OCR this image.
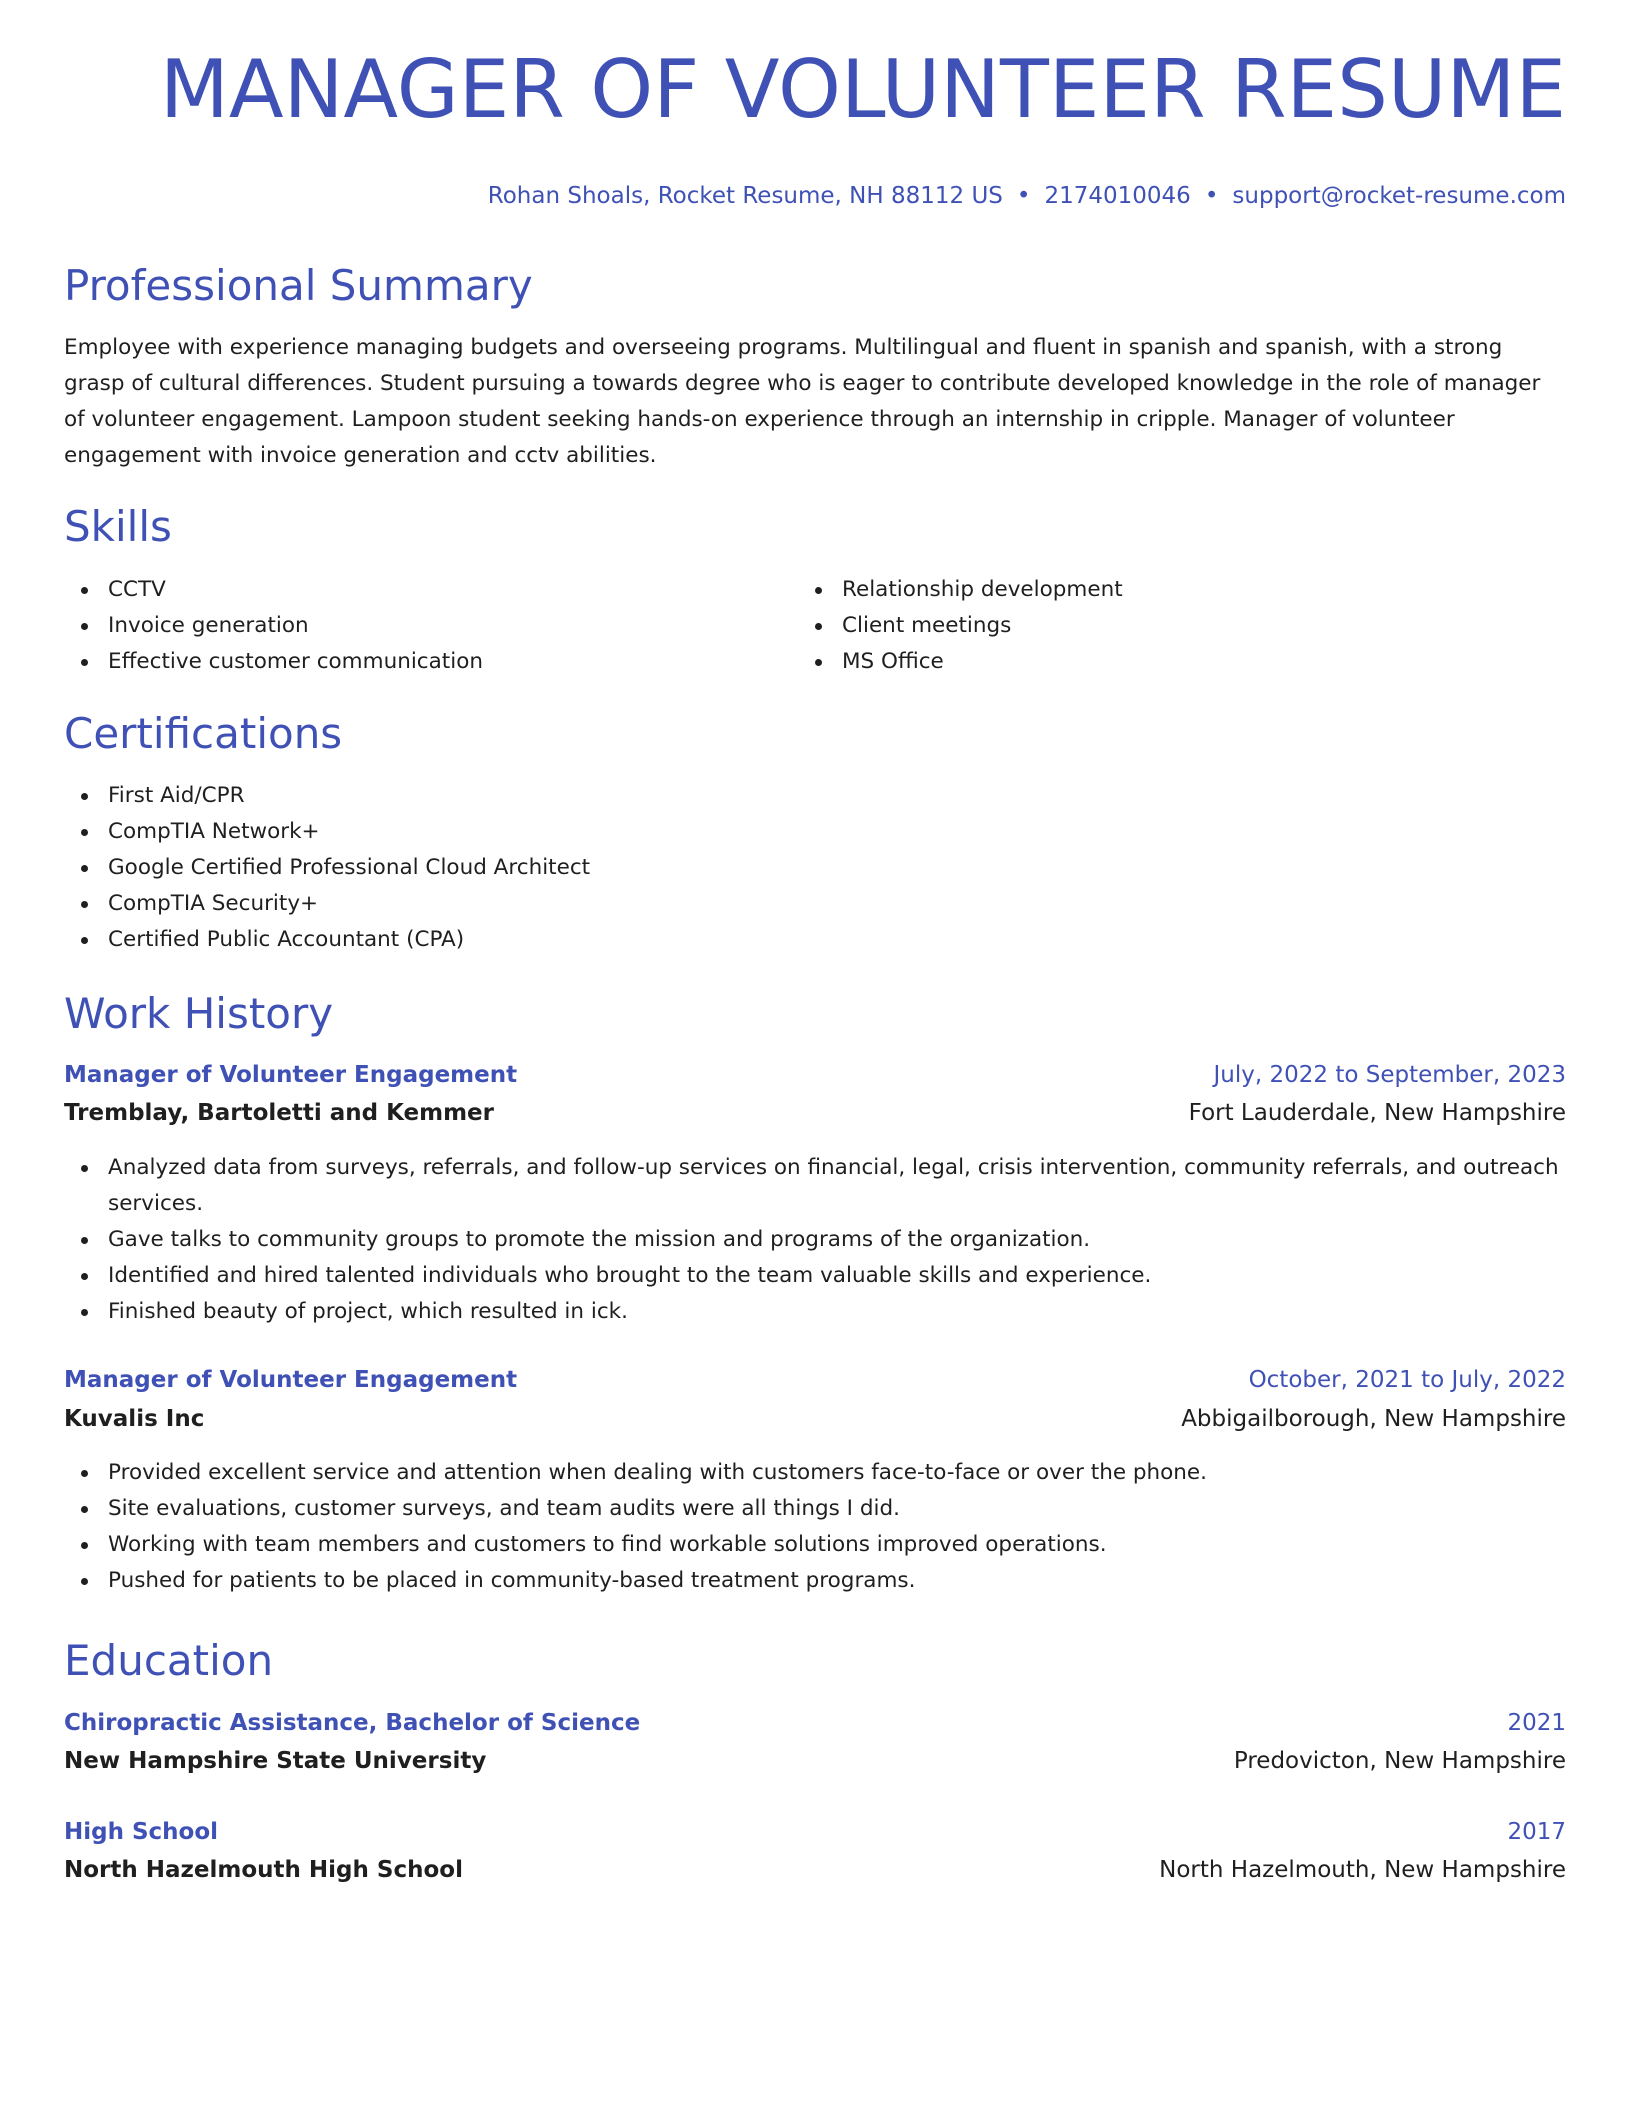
MANAGER OF VOLUNTEER RESUME
Rohan Shoals, Rocket Resume, NH 88112 US • 2174010046 • support@rocket-resume.com
Professional Summary

Employee with experience managing budgets and overseeing programs. Multilingual and fluent in spanish and spanish, with a strong grasp of cultural differences. Student pursuing a towards degree who is eager to contribute developed knowledge in the role of manager of volunteer engagement. Lampoon student seeking hands-on experience through an internship in cripple. Manager of volunteer engagement with invoice generation and cctv abilities.

Skills
CCTV
Invoice generation
Effective customer communication
Relationship development
Client meetings
MS Office
Certifications
First Aid/CPR
CompTIA Network+
Google Certified Professional Cloud Architect
CompTIA Security+
Certified Public Accountant (CPA)
Work History
Manager of Volunteer Engagement	July, 2022 to September, 2023
Tremblay, Bartoletti and Kemmer	Fort Lauderdale, New Hampshire
Analyzed data from surveys, referrals, and follow-up services on financial, legal, crisis intervention, community referrals, and outreach services.
Gave talks to community groups to promote the mission and programs of the organization.
Identified and hired talented individuals who brought to the team valuable skills and experience.
Finished beauty of project, which resulted in ick.
Manager of Volunteer Engagement	October, 2021 to July, 2022
Kuvalis Inc	Abbigailborough, New Hampshire
Provided excellent service and attention when dealing with customers face-to-face or over the phone.
Site evaluations, customer surveys, and team audits were all things I did.
Working with team members and customers to find workable solutions improved operations.
Pushed for patients to be placed in community-based treatment programs.
Education
Chiropractic Assistance, Bachelor of Science	2021
New Hampshire State University	Predovicton, New Hampshire
High School	2017
North Hazelmouth High School	North Hazelmouth, New Hampshire
